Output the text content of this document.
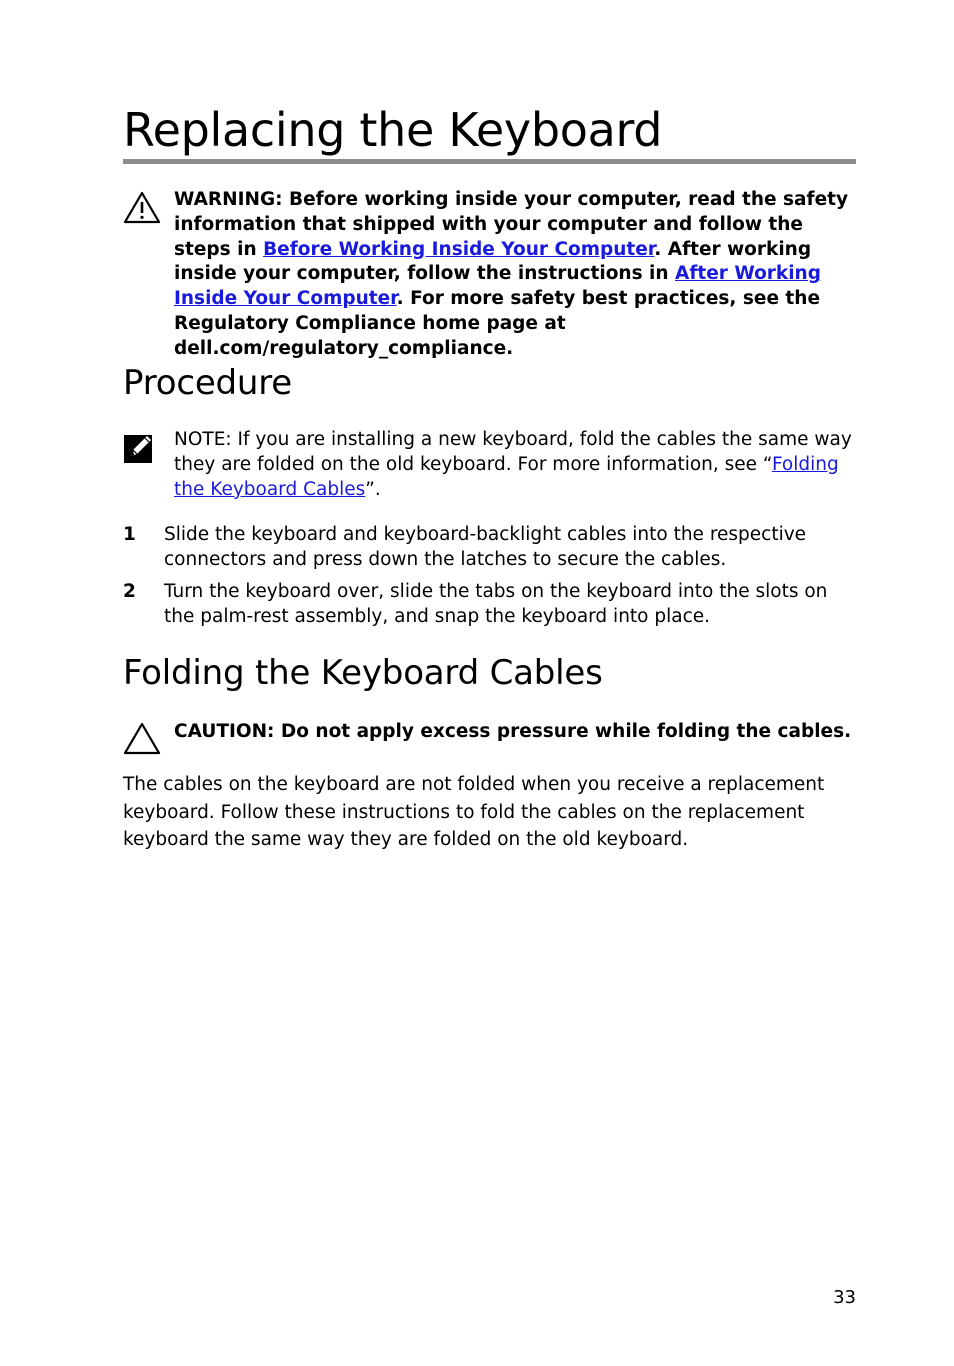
Replacing the Keyboard
WARNING: Before working inside your computer, read the safety information that shipped with your computer and follow the steps in Before Working Inside Your Computer. After working inside your computer, follow the instructions in After Working Inside Your Computer. For more safety best practices, see the Regulatory Compliance home page at dell.com/regulatory_compliance.
Procedure
NOTE: If you are installing a new keyboard, fold the cables the same way they are folded on the old keyboard. For more information, see “Folding the Keyboard Cables”.
1 Slide the keyboard and keyboard-backlight cables into the respective connectors and press down the latches to secure the cables.
2 Turn the keyboard over, slide the tabs on the keyboard into the slots on the palm-rest assembly, and snap the keyboard into place.
Folding the Keyboard Cables
CAUTION: Do not apply excess pressure while folding the cables.

The cables on the keyboard are not folded when you receive a replacement keyboard. Follow these instructions to fold the cables on the replacement keyboard the same way they are folded on the old keyboard.

33
